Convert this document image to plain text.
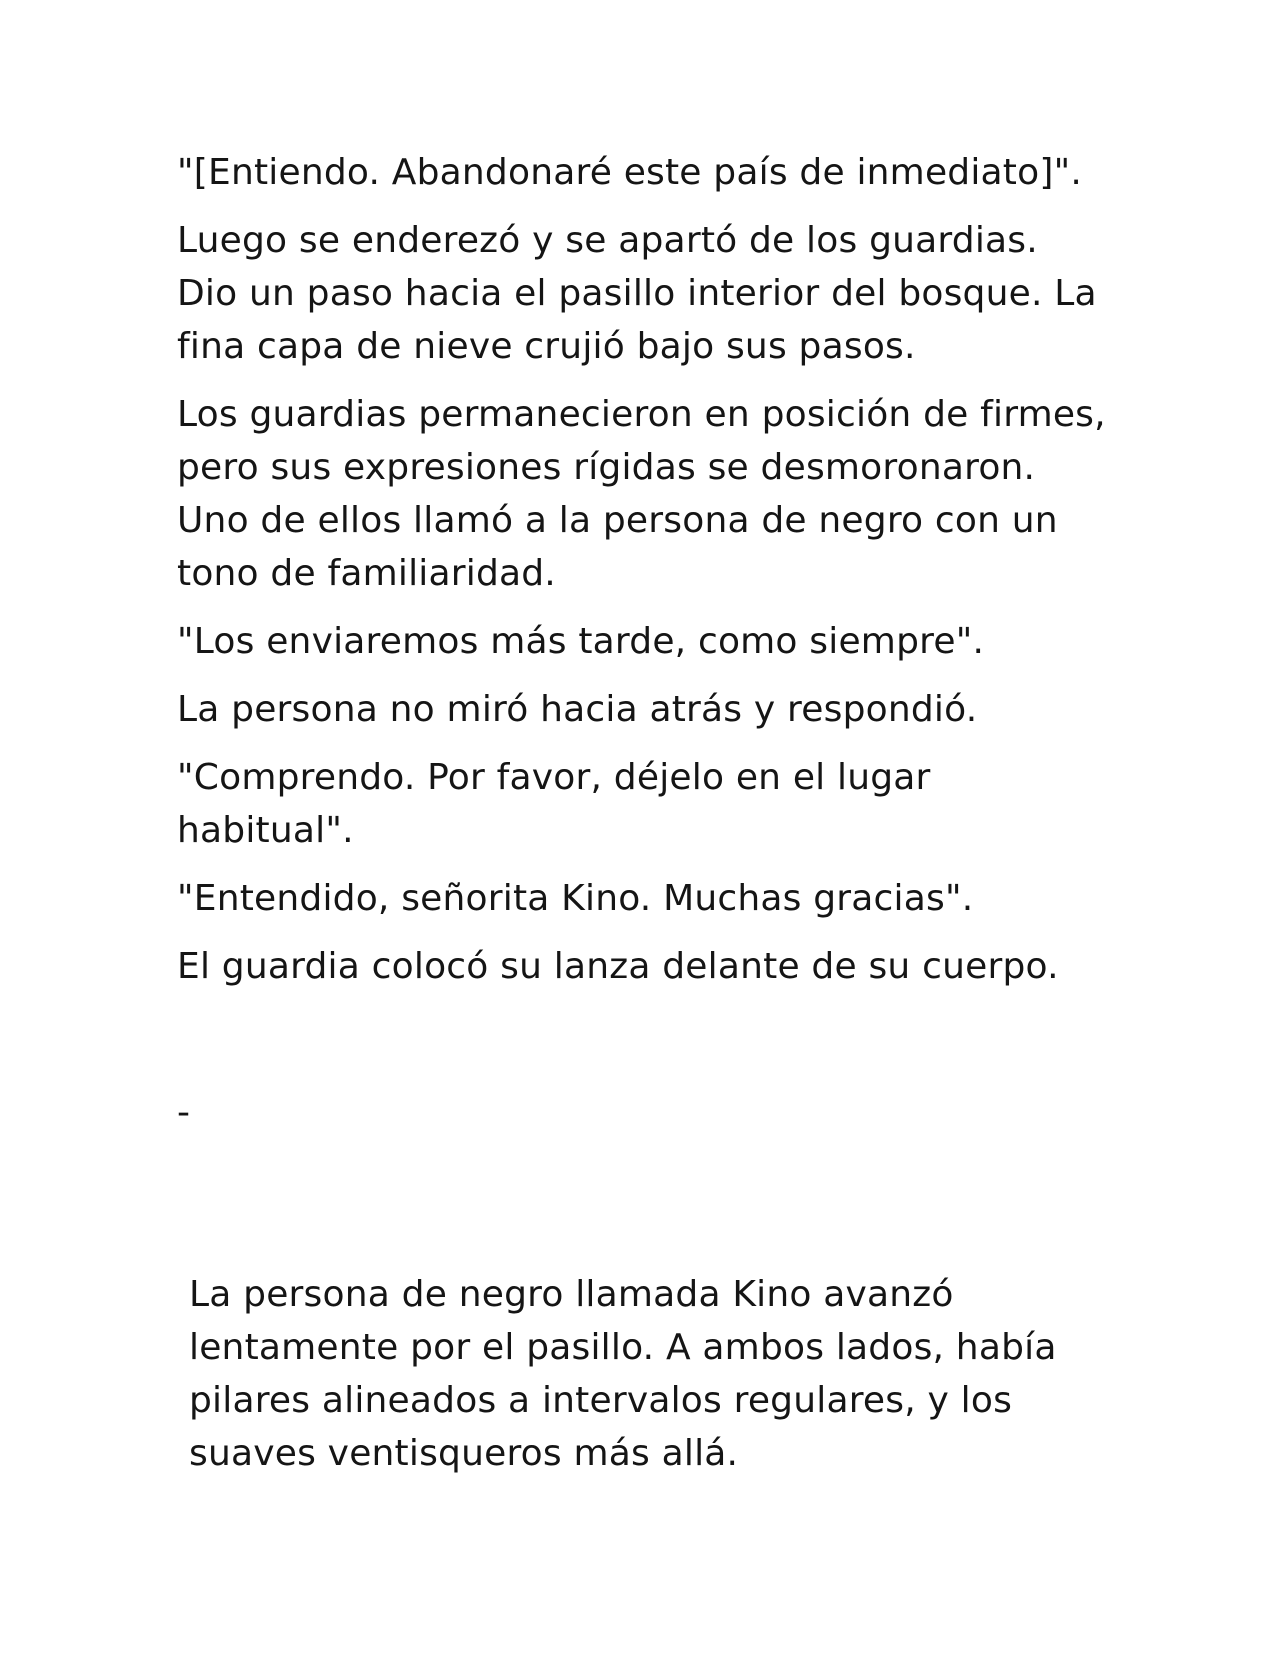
"[Entiendo. Abandonaré este país de inmediato]".

Luego se enderezó y se apartó de los guardias. Dio un paso hacia el pasillo interior del bosque. La fina capa de nieve crujió bajo sus pasos.

Los guardias permanecieron en posición de firmes, pero sus expresiones rígidas se desmoronaron. Uno de ellos llamó a la persona de negro con un tono de familiaridad.

"Los enviaremos más tarde, como siempre".

La persona no miró hacia atrás y respondió.

"Comprendo. Por favor, déjelo en el lugar habitual".

"Entendido, señorita Kino. Muchas gracias".

El guardia colocó su lanza delante de su cuerpo.

-

La persona de negro llamada Kino avanzó lentamente por el pasillo. A ambos lados, había pilares alineados a intervalos regulares, y los suaves ventisqueros más allá.
